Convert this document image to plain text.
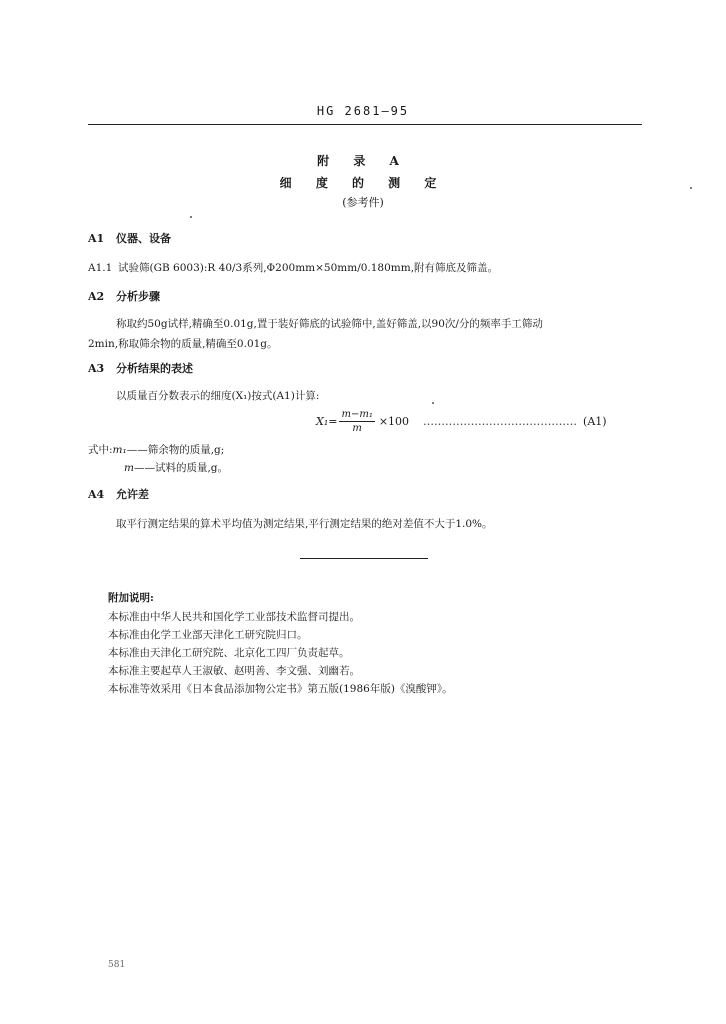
HG 2681—95
附 录 A
细 度 的 测 定
(参考件)
A1 仪器、设备
A1.1 试验筛(GB 6003):R 40/3系列,Φ200mm×50mm/0.180mm,附有筛底及筛盖。
A2 分析步骤
称取约50g试样,精确至0.01g,置于装好筛底的试验筛中,盖好筛盖,以90次/分的频率手工筛动
2min,称取筛余物的质量,精确至0.01g。
A3 分析结果的表述
以质量百分数表示的细度(X₁)按式(A1)计算:
$X_1= \frac{\text{m−m₁}}{m} \times 100$ …………………………………… (A1)
式中:m₁——筛余物的质量,g;
m——试料的质量,g。
A4 允许差
取平行测定结果的算术平均值为测定结果,平行测定结果的绝对差值不大于1.0%。
附加说明:
本标准由中华人民共和国化学工业部技术监督司提出。
本标准由化学工业部天津化工研究院归口。
本标准由天津化工研究院、北京化工四厂负责起草。
本标准主要起草人王淑敏、赵明善、李文强、刘幽若。
本标准等效采用《日本食品添加物公定书》第五版(1986年版)《溴酸钾》。
581
